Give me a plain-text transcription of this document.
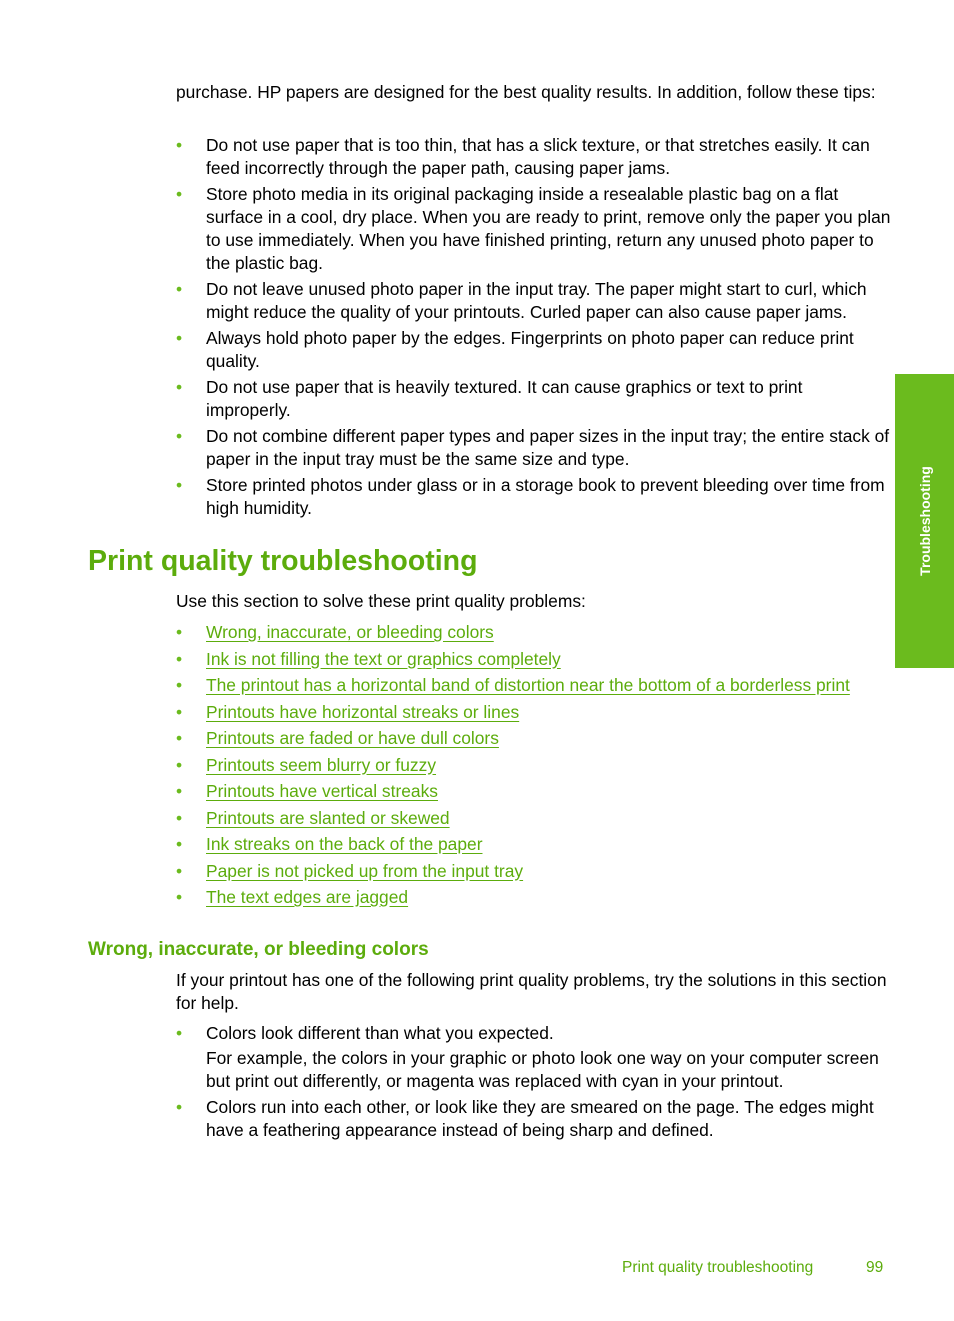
purchase. HP papers are designed for the best quality results. In addition, follow these tips:

• Do not use paper that is too thin, that has a slick texture, or that stretches easily. It can feed incorrectly through the paper path, causing paper jams.
• Store photo media in its original packaging inside a resealable plastic bag on a flat surface in a cool, dry place. When you are ready to print, remove only the paper you plan to use immediately. When you have finished printing, return any unused photo paper to the plastic bag.
• Do not leave unused photo paper in the input tray. The paper might start to curl, which might reduce the quality of your printouts. Curled paper can also cause paper jams.
• Always hold photo paper by the edges. Fingerprints on photo paper can reduce print quality.
• Do not use paper that is heavily textured. It can cause graphics or text to print improperly.
• Do not combine different paper types and paper sizes in the input tray; the entire stack of paper in the input tray must be the same size and type.
• Store printed photos under glass or in a storage book to prevent bleeding over time from high humidity.
Print quality troubleshooting

Use this section to solve these print quality problems:

• Wrong, inaccurate, or bleeding colors
• Ink is not filling the text or graphics completely
• The printout has a horizontal band of distortion near the bottom of a borderless print
• Printouts have horizontal streaks or lines
• Printouts are faded or have dull colors
• Printouts seem blurry or fuzzy
• Printouts have vertical streaks
• Printouts are slanted or skewed
• Ink streaks on the back of the paper
• Paper is not picked up from the input tray
• The text edges are jagged
Wrong, inaccurate, or bleeding colors

If your printout has one of the following print quality problems, try the solutions in this section for help.

• Colors look different than what you expected.
For example, the colors in your graphic or photo look one way on your computer screen but print out differently, or magenta was replaced with cyan in your printout.
• Colors run into each other, or look like they are smeared on the page. The edges might have a feathering appearance instead of being sharp and defined.
Troubleshooting
Print quality troubleshooting	99
